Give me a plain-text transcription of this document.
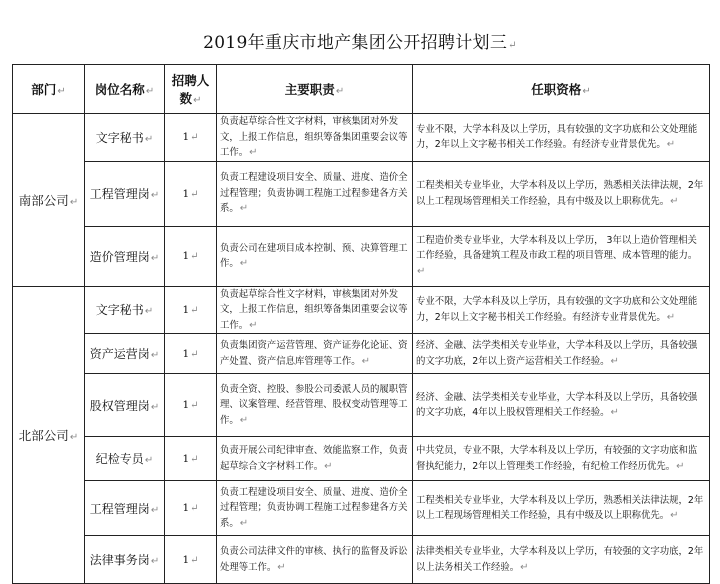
2019年重庆市地产集团公开招聘计划三↵
部门↵	岗位名称↵	招聘人数↵	主要职责↵	任职资格↵
南部公司↵	文字秘书↵	1↵	负责起草综合性文字材料，审核集团对外发文，上报工作信息，组织筹备集团重要会议等工作。↵	专业不限，大学本科及以上学历，具有较强的文字功底和公文处理能力，2年以上文字秘书相关工作经验。有经济专业背景优先。↵
	工程管理岗↵	1↵	负责工程建设项目安全、质量、进度、造价全过程管理；负责协调工程施工过程参建各方关系。↵	工程类相关专业毕业，大学本科及以上学历，熟悉相关法律法规，2年以上工程现场管理相关工作经验，具有中级及以上职称优先。↵
	造价管理岗↵	1↵	负责公司在建项目成本控制、预、决算管理工作。↵	工程造价类专业毕业，大学本科及以上学历， 3年以上造价管理相关工作经验，具备建筑工程及市政工程的项目管理、成本管理的能力。↵
北部公司↵	文字秘书↵	1↵	负责起草综合性文字材料，审核集团对外发文，上报工作信息，组织筹备集团重要会议等工作。↵	专业不限，大学本科及以上学历，具有较强的文字功底和公文处理能力，2年以上文字秘书相关工作经验。有经济专业背景优先。↵
	资产运营岗↵	1↵	负责集团资产运营管理、资产证券化论证、资产处置、资产信息库管理等工作。↵	经济、金融、法学类相关专业毕业，大学本科及以上学历，具备较强的文字功底，2年以上资产运营相关工作经验。↵
	股权管理岗↵	1↵	负责全资、控股、参股公司委派人员的履职管理、议案管理、经营管理、股权变动管理等工作。↵	经济、金融、法学类相关专业毕业，大学本科及以上学历，具备较强的文字功底，4年以上股权管理相关工作经验。↵
	纪检专员↵	1↵	负责开展公司纪律审查、效能监察工作，负责起草综合文字材料工作。↵	中共党员，专业不限，大学本科及以上学历，有较强的文字功底和监督执纪能力，2年以上管理类工作经验，有纪检工作经历优先。↵
	工程管理岗↵	1↵	负责工程建设项目安全、质量、进度、造价全过程管理；负责协调工程施工过程参建各方关系。↵	工程类相关专业毕业，大学本科及以上学历，熟悉相关法律法规，2年以上工程现场管理相关工作经验，具有中级及以上职称优先。↵
	法律事务岗↵	1↵	负责公司法律文件的审核、执行的监督及诉讼处理等工作。↵	法律类相关专业毕业，大学本科及以上学历，有较强的文字功底，2年以上法务相关工作经验。↵
